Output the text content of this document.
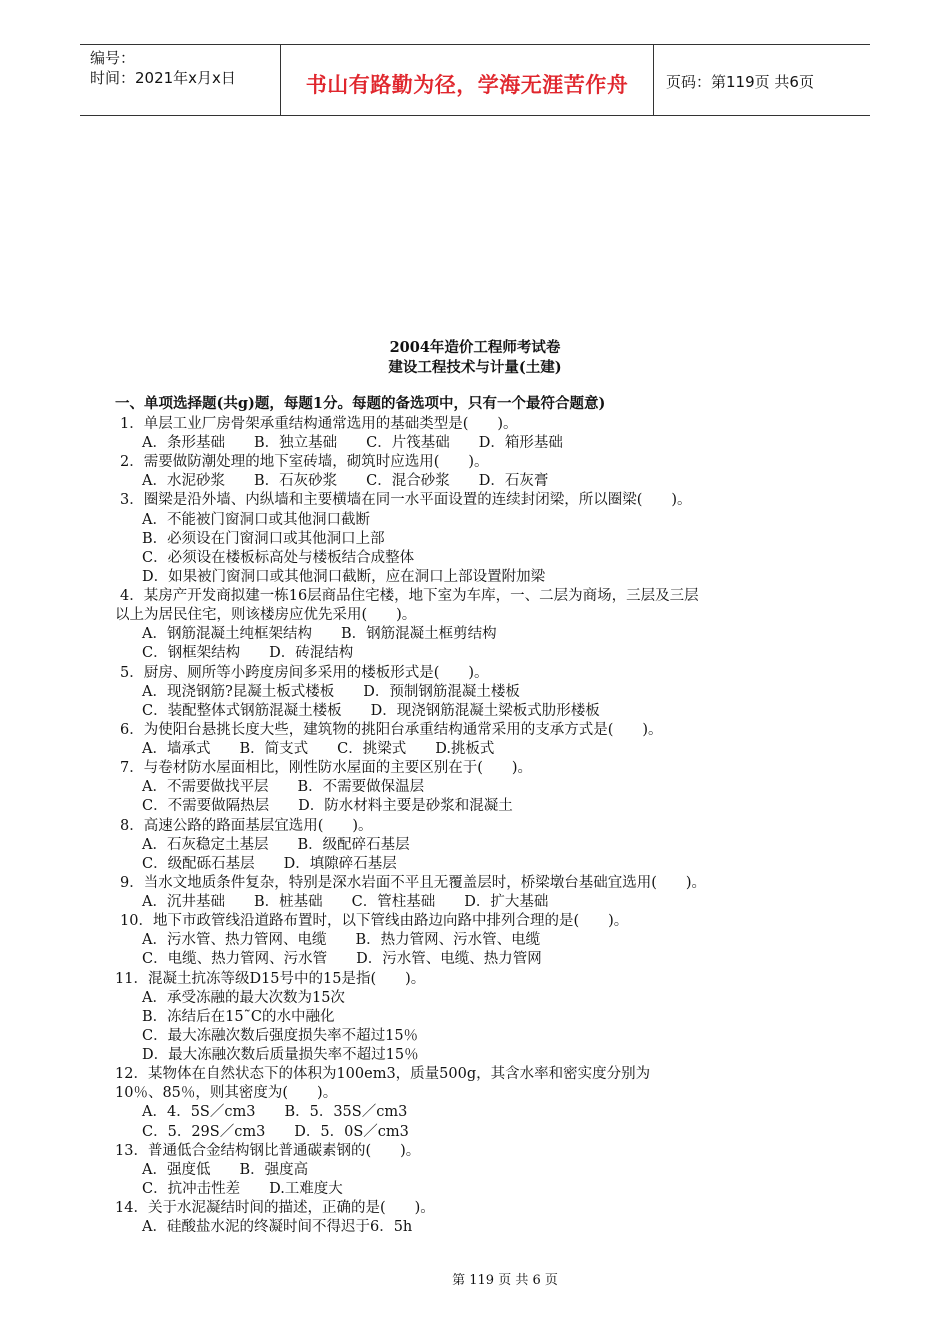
编号：
时间：2021年x月x日	书山有路勤为径，学海无涯苦作舟	页码：第119页 共6页
2004年造价工程师考试卷
建设工程技术与计量(土建)
一、单项选择题(共g)题，每题1分。每题的备选项中，只有一个最符合题意)
1．单层工业厂房骨架承重结构通常选用的基础类型是(　　)。
A．条形基础　　B．独立基础　　C．片筏基础　　D．箱形基础
2．需要做防潮处理的地下室砖墙，砌筑时应选用(　　)。
A．水泥砂浆　　B．石灰砂浆　　C．混合砂浆　　D．石灰膏
3．圈梁是沿外墙、内纵墙和主要横墙在同一水平面设置的连续封闭梁，所以圈梁(　　)。
A．不能被门窗洞口或其他洞口截断
B．必须设在门窗洞口或其他洞口上部
C．必须设在楼板标高处与楼板结合成整体
D．如果被门窗洞口或其他洞口截断，应在洞口上部设置附加梁
4．某房产开发商拟建一栋16层商品住宅楼，地下室为车库，一、二层为商场，三层及三层
以上为居民住宅，则该楼房应优先采用(　　)。
A．钢筋混凝土纯框架结构　　B．钢筋混凝土框剪结构
C．钢框架结构　　D．砖混结构
5．厨房、厕所等小跨度房间多采用的楼板形式是(　　)。
A．现浇钢筋?昆凝土板式楼板　　D．预制钢筋混凝土楼板
C．装配整体式钢筋混凝土楼板　　D．现浇钢筋混凝土梁板式肋形楼板
6．为使阳台悬挑长度大些，建筑物的挑阳台承重结构通常采用的支承方式是(　　)。
A．墙承式　　B．简支式　　C．挑梁式　　D.挑板式
7．与卷材防水屋面相比，刚性防水屋面的主要区别在于(　　)。
A．不需要做找平层　　B．不需要做保温层
C．不需要做隔热层　　D．防水材料主要是砂浆和混凝土
8．高速公路的路面基层宜选用(　　)。
A．石灰稳定土基层　　B．级配碎石基层
C．级配砾石基层　　D．填隙碎石基层
9．当水文地质条件复杂，特别是深水岩面不平且无覆盖层时，桥梁墩台基础宜选用(　　)。
A．沉井基础　　B．桩基础　　C．管柱基础　　D．扩大基础
10．地下市政管线沿道路布置时，以下管线由路边向路中排列合理的是(　　)。
A．污水管、热力管网、电缆　　B．热力管网、污水管、电缆
C．电缆、热力管网、污水管　　D．污水管、电缆、热力管网
11．混凝土抗冻等级D15号中的15是指(　　)。
A．承受冻融的最大次数为15次
B．冻结后在15˜C的水中融化
C．最大冻融次数后强度损失率不超过15％
D．最大冻融次数后质量损失率不超过15％
12．某物体在自然状态下的体积为100em3，质量500g，其含水率和密实度分别为
10％、85％，则其密度为(　　)。
A．4．5S／cm3　　B．5．35S／cm3
C．5．29S／cm3　　D．5．0S／cm3
13．普通低合金结构钢比普通碳素钢的(　　)。
A．强度低　　B．强度高
C．抗冲击性差　　D.工难度大
14．关于水泥凝结时间的描述，正确的是(　　)。
A．硅酸盐水泥的终凝时间不得迟于6．5h
第 119 页 共 6 页
